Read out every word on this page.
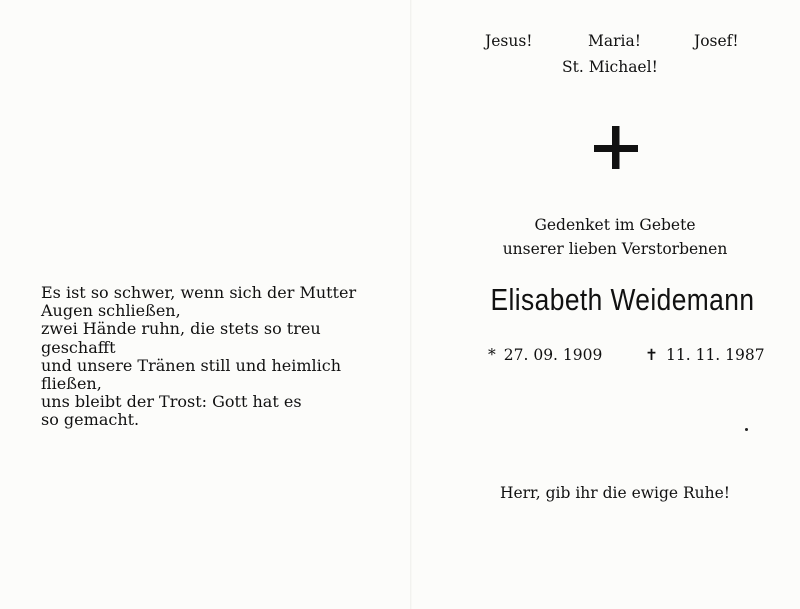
Es ist so schwer, wenn sich der Mutter
Augen schließen,
zwei Hände ruhn, die stets so treu
geschafft
und unsere Tränen still und heimlich
fließen,
uns bleibt der Trost: Gott hat es
so gemacht.
Jesus!	Maria!	Josef!
St. Michael!
Gedenket im Gebete
unserer lieben Verstorbenen
Elisabeth Weidemann
* 27. 09. 1909	✝ 11. 11. 1987
Herr, gib ihr die ewige Ruhe!
